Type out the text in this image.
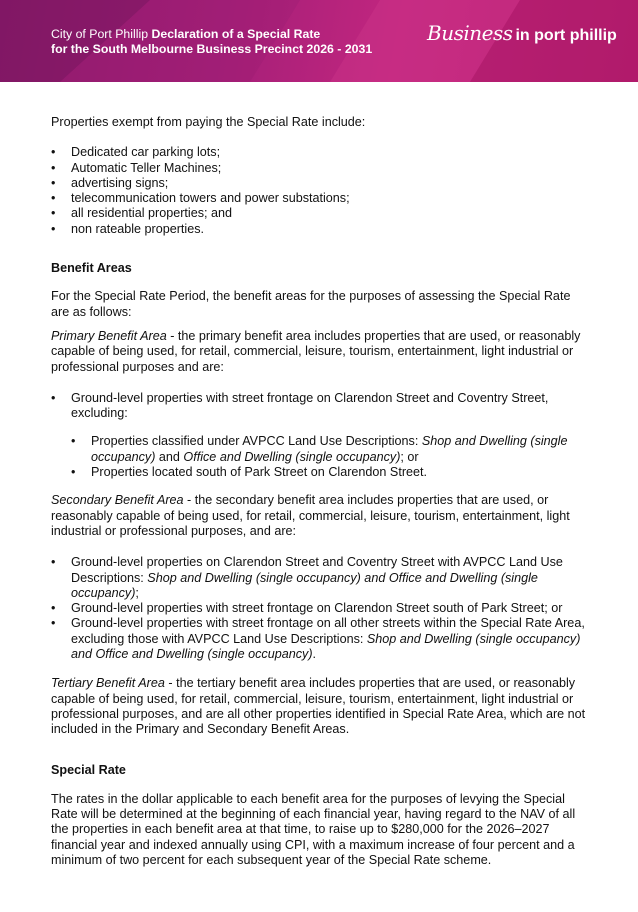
City of Port Phillip Declaration of a Special Rate
for the South Melbourne Business Precinct 2026 - 2031
Business in port phillip

Properties exempt from paying the Special Rate include:

• Dedicated car parking lots;
• Automatic Teller Machines;
• advertising signs;
• telecommunication towers and power substations;
• all residential properties; and
• non rateable properties.

Benefit Areas

For the Special Rate Period, the benefit areas for the purposes of assessing the Special Rate are as follows:

Primary Benefit Area - the primary benefit area includes properties that are used, or reasonably capable of being used, for retail, commercial, leisure, tourism, entertainment, light industrial or professional purposes and are:

• Ground-level properties with street frontage on Clarendon Street and Coventry Street, excluding:
• Properties classified under AVPCC Land Use Descriptions: Shop and Dwelling (single occupancy) and Office and Dwelling (single occupancy); or
• Properties located south of Park Street on Clarendon Street.

Secondary Benefit Area - the secondary benefit area includes properties that are used, or reasonably capable of being used, for retail, commercial, leisure, tourism, entertainment, light industrial or professional purposes, and are:

• Ground-level properties on Clarendon Street and Coventry Street with AVPCC Land Use Descriptions: Shop and Dwelling (single occupancy) and Office and Dwelling (single occupancy);
• Ground-level properties with street frontage on Clarendon Street south of Park Street; or
• Ground-level properties with street frontage on all other streets within the Special Rate Area, excluding those with AVPCC Land Use Descriptions: Shop and Dwelling (single occupancy) and Office and Dwelling (single occupancy).

Tertiary Benefit Area - the tertiary benefit area includes properties that are used, or reasonably capable of being used, for retail, commercial, leisure, tourism, entertainment, light industrial or professional purposes, and are all other properties identified in Special Rate Area, which are not included in the Primary and Secondary Benefit Areas.

Special Rate

The rates in the dollar applicable to each benefit area for the purposes of levying the Special Rate will be determined at the beginning of each financial year, having regard to the NAV of all the properties in each benefit area at that time, to raise up to $280,000 for the 2026–2027 financial year and indexed annually using CPI, with a maximum increase of four percent and a minimum of two percent for each subsequent year of the Special Rate scheme.
